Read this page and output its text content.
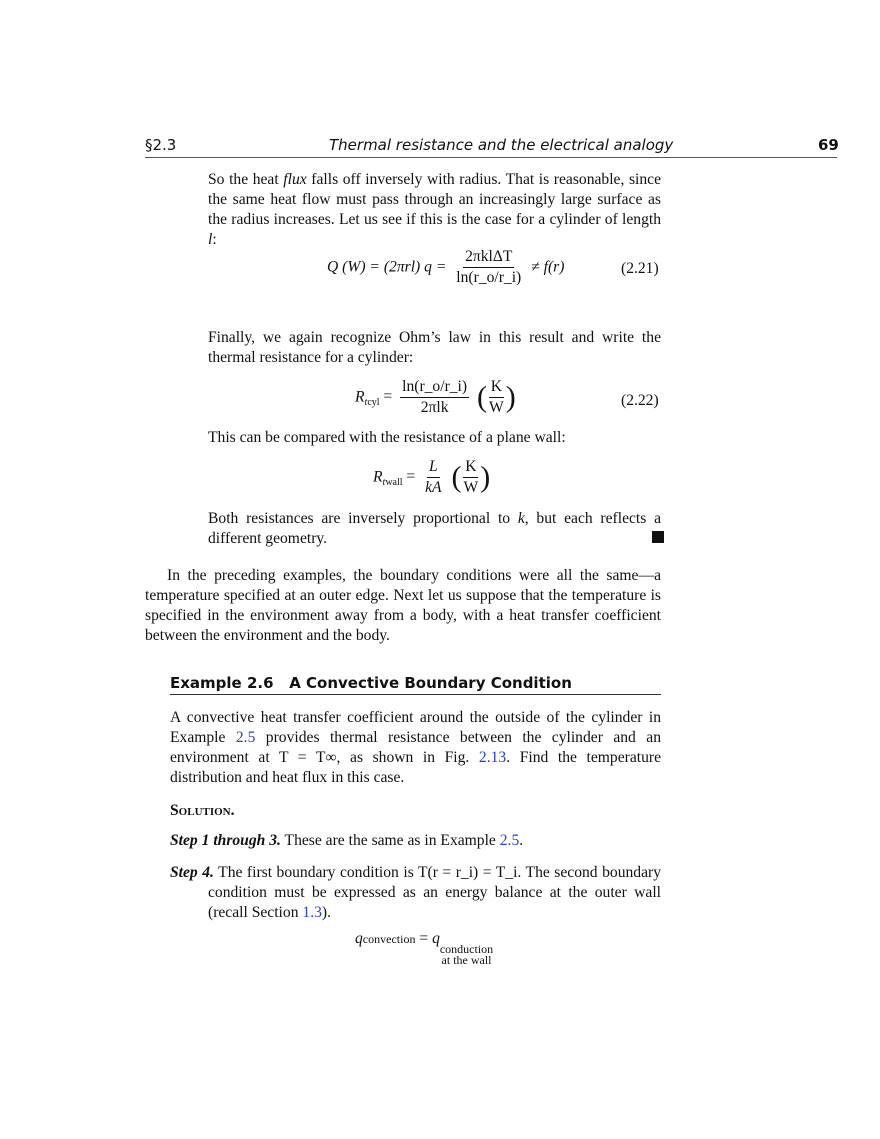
§2.3	Thermal resistance and the electrical analogy	69
So the heat flux falls off inversely with radius. That is reasonable, since the same heat flow must pass through an increasingly large surface as the radius increases. Let us see if this is the case for a cylinder of length l:
Q (W) = (2πrl) $q = \frac{\text{2πklΔT}}{\ln(r\_o/r\_i)} \ne f(r)$	(2.21)
Finally, we again recognize Ohm’s law in this result and write the thermal resistance for a cylinder:
$R_{tcyl} = \frac{\ln(r\_o/r\_i)}{\text{2πlk}}$ ( $\frac{K}{W}$ )	(2.22)
This can be compared with the resistance of a plane wall:
$R_{twall} = \frac{L}{kA}$ ( $\frac{K}{W}$ )
Both resistances are inversely proportional to k, but each reflects a different geometry.
In the preceding examples, the boundary conditions were all the same—a temperature specified at an outer edge. Next let us suppose that the temperature is specified in the environment away from a body, with a heat transfer coefficient between the environment and the body.
Example 2.6 A Convective Boundary Condition
A convective heat transfer coefficient around the outside of the cylinder in Example 2.5 provides thermal resistance between the cylinder and an environment at T = T∞, as shown in Fig. 2.13. Find the temperature distribution and heat flux in this case.
Solution.
Step 1 through 3. These are the same as in Example 2.5.
Step 4. The first boundary condition is T(r = r_i) = T_i. The second boundary condition must be expressed as an energy balance at the outer wall (recall Section 1.3).
qconvection = q
conduction
at the wall
